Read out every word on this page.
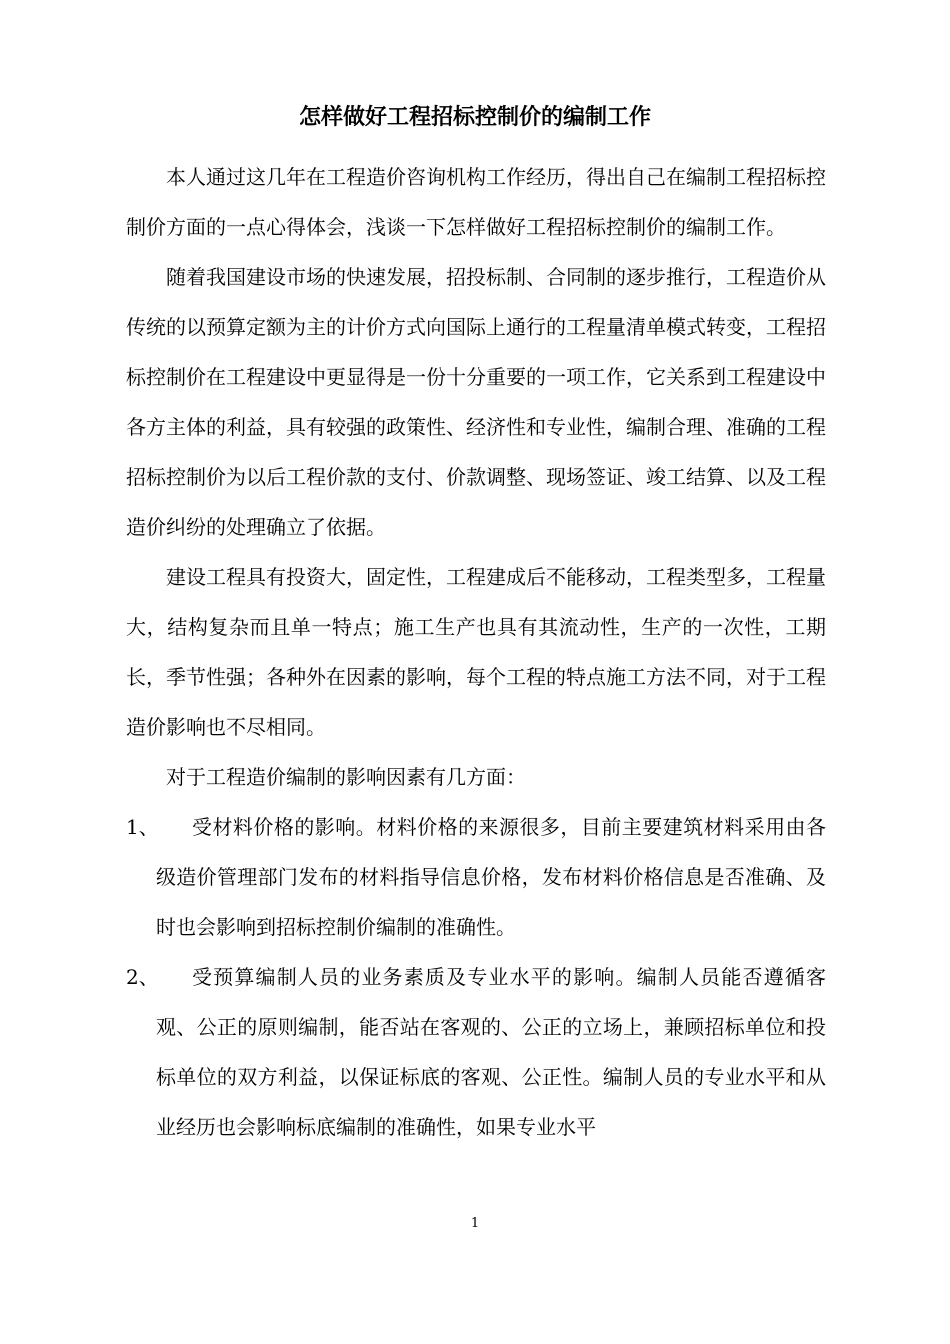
怎样做好工程招标控制价的编制工作

本人通过这几年在工程造价咨询机构工作经历，得出自己在编制工程招标控制价方面的一点心得体会，浅谈一下怎样做好工程招标控制价的编制工作。

随着我国建设市场的快速发展，招投标制、合同制的逐步推行，工程造价从传统的以预算定额为主的计价方式向国际上通行的工程量清单模式转变，工程招标控制价在工程建设中更显得是一份十分重要的一项工作，它关系到工程建设中各方主体的利益，具有较强的政策性、经济性和专业性，编制合理、准确的工程招标控制价为以后工程价款的支付、价款调整、现场签证、竣工结算、以及工程造价纠纷的处理确立了依据。

建设工程具有投资大，固定性，工程建成后不能移动，工程类型多，工程量大，结构复杂而且单一特点；施工生产也具有其流动性，生产的一次性，工期长，季节性强；各种外在因素的影响，每个工程的特点施工方法不同，对于工程造价影响也不尽相同。

对于工程造价编制的影响因素有几方面：

1、	受材料价格的影响。材料价格的来源很多，目前主要建筑材料采用由各级造价管理部门发布的材料指导信息价格，发布材料价格信息是否准确、及时也会影响到招标控制价编制的准确性。
2、	受预算编制人员的业务素质及专业水平的影响。编制人员能否遵循客观、公正的原则编制，能否站在客观的、公正的立场上，兼顾招标单位和投标单位的双方利益，以保证标底的客观、公正性。编制人员的专业水平和从业经历也会影响标底编制的准确性，如果专业水平
1
